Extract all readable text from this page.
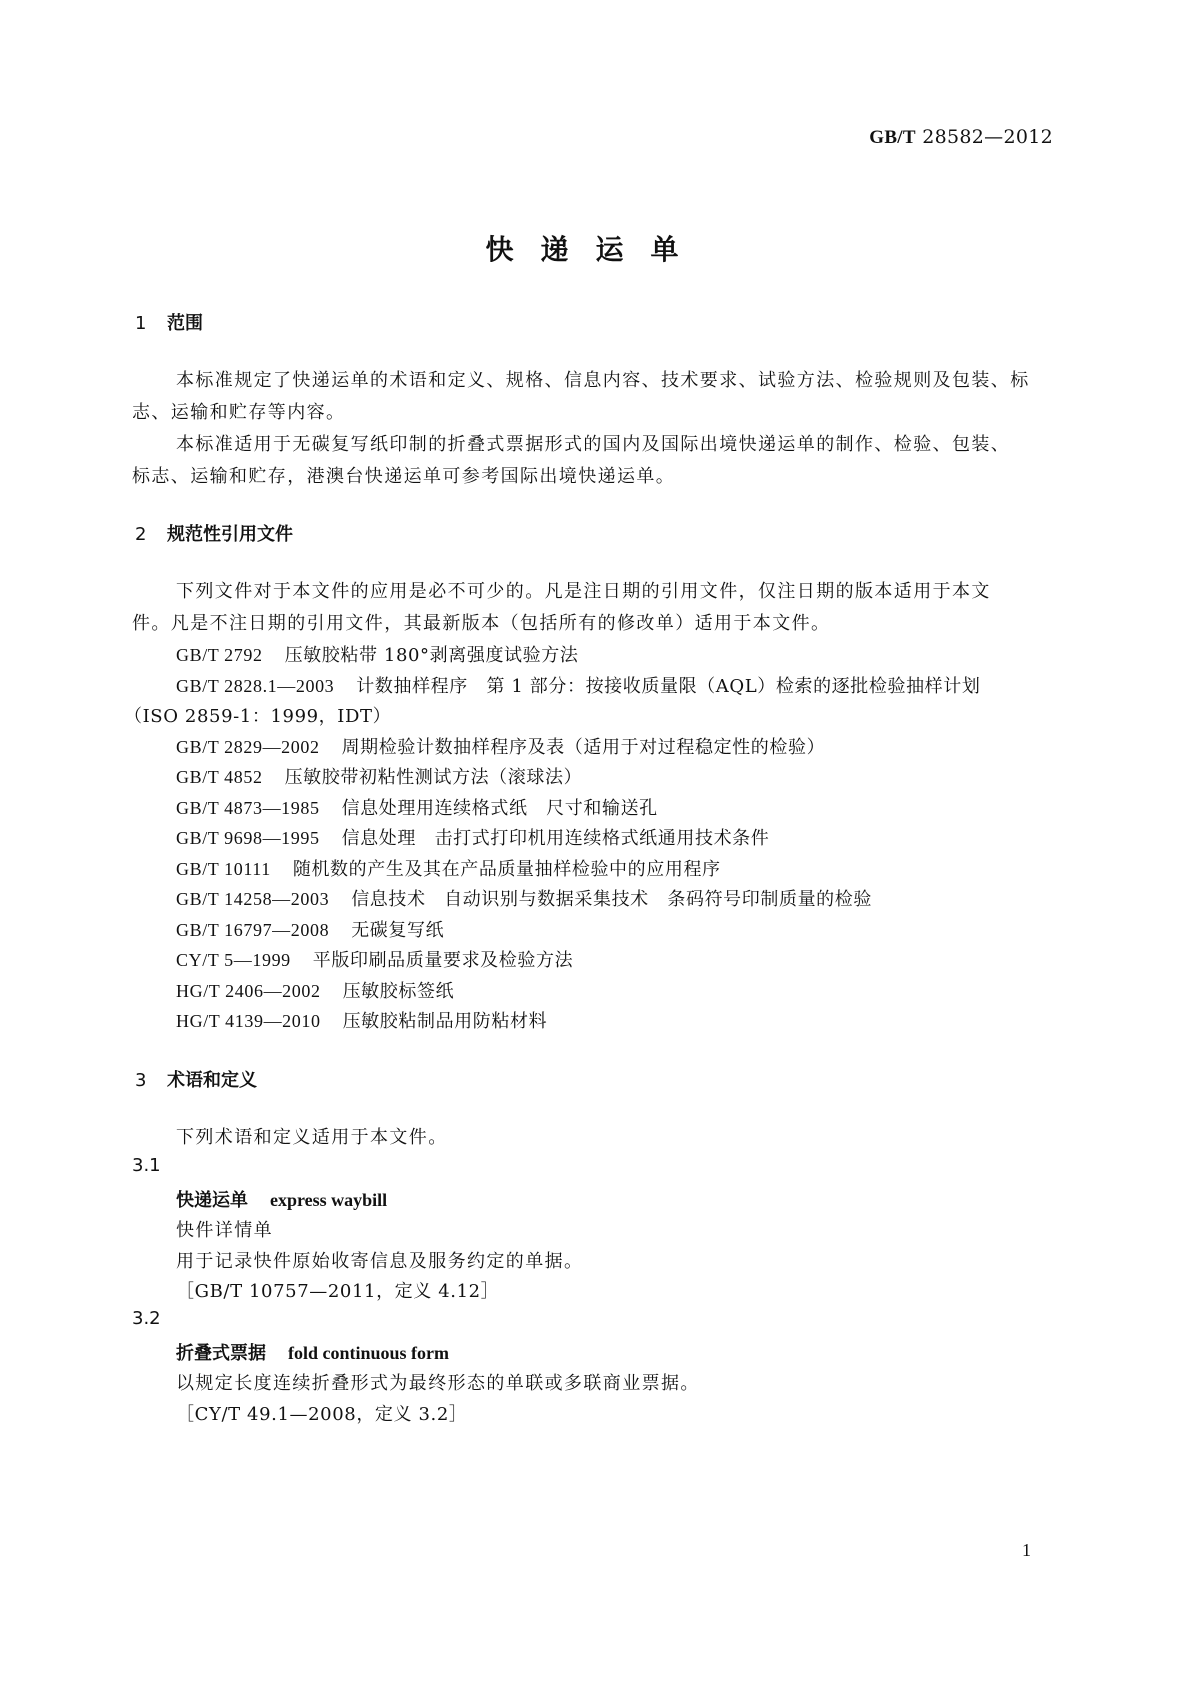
GB/T 28582—2012
快递运单
1 范围
本标准规定了快递运单的术语和定义、规格、信息内容、技术要求、试验方法、检验规则及包装、标
志、运输和贮存等内容。
本标准适用于无碳复写纸印制的折叠式票据形式的国内及国际出境快递运单的制作、检验、包装、
标志、运输和贮存，港澳台快递运单可参考国际出境快递运单。
2 规范性引用文件
下列文件对于本文件的应用是必不可少的。凡是注日期的引用文件，仅注日期的版本适用于本文
件。凡是不注日期的引用文件，其最新版本（包括所有的修改单）适用于本文件。
GB/T 2792 压敏胶粘带 180°剥离强度试验方法
GB/T 2828.1—2003 计数抽样程序　第 1 部分：按接收质量限（AQL）检索的逐批检验抽样计划
（ISO 2859-1：1999，IDT）
GB/T 2829—2002 周期检验计数抽样程序及表（适用于对过程稳定性的检验）
GB/T 4852 压敏胶带初粘性测试方法（滚球法）
GB/T 4873—1985 信息处理用连续格式纸　尺寸和输送孔
GB/T 9698—1995 信息处理　击打式打印机用连续格式纸通用技术条件
GB/T 10111 随机数的产生及其在产品质量抽样检验中的应用程序
GB/T 14258—2003 信息技术　自动识别与数据采集技术　条码符号印制质量的检验
GB/T 16797—2008 无碳复写纸
CY/T 5—1999 平版印刷品质量要求及检验方法
HG/T 2406—2002 压敏胶标签纸
HG/T 4139—2010 压敏胶粘制品用防粘材料
3 术语和定义
下列术语和定义适用于本文件。
3.1
快递运单 express waybill
快件详情单
用于记录快件原始收寄信息及服务约定的单据。
［GB/T 10757—2011，定义 4.12］
3.2
折叠式票据 fold continuous form
以规定长度连续折叠形式为最终形态的单联或多联商业票据。
［CY/T 49.1—2008，定义 3.2］
1
